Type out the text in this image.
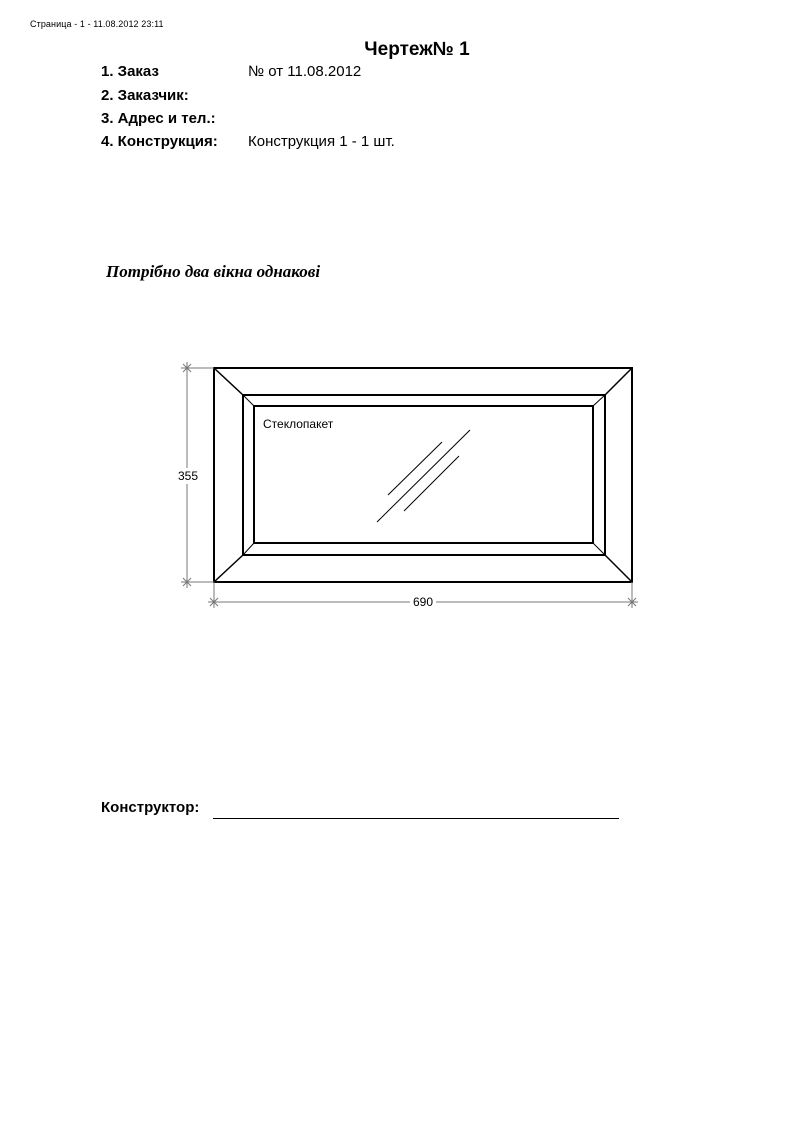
Страница - 1 - 11.08.2012 23:11
Чертеж№ 1
1. Заказ	№ от 11.08.2012
2. Заказчик:
3. Адрес и тел.:
4. Конструкция: Конструкция 1 - 1 шт.
Потрібно два вікна однакові
Стеклопакет
355
690
Конструктор:
